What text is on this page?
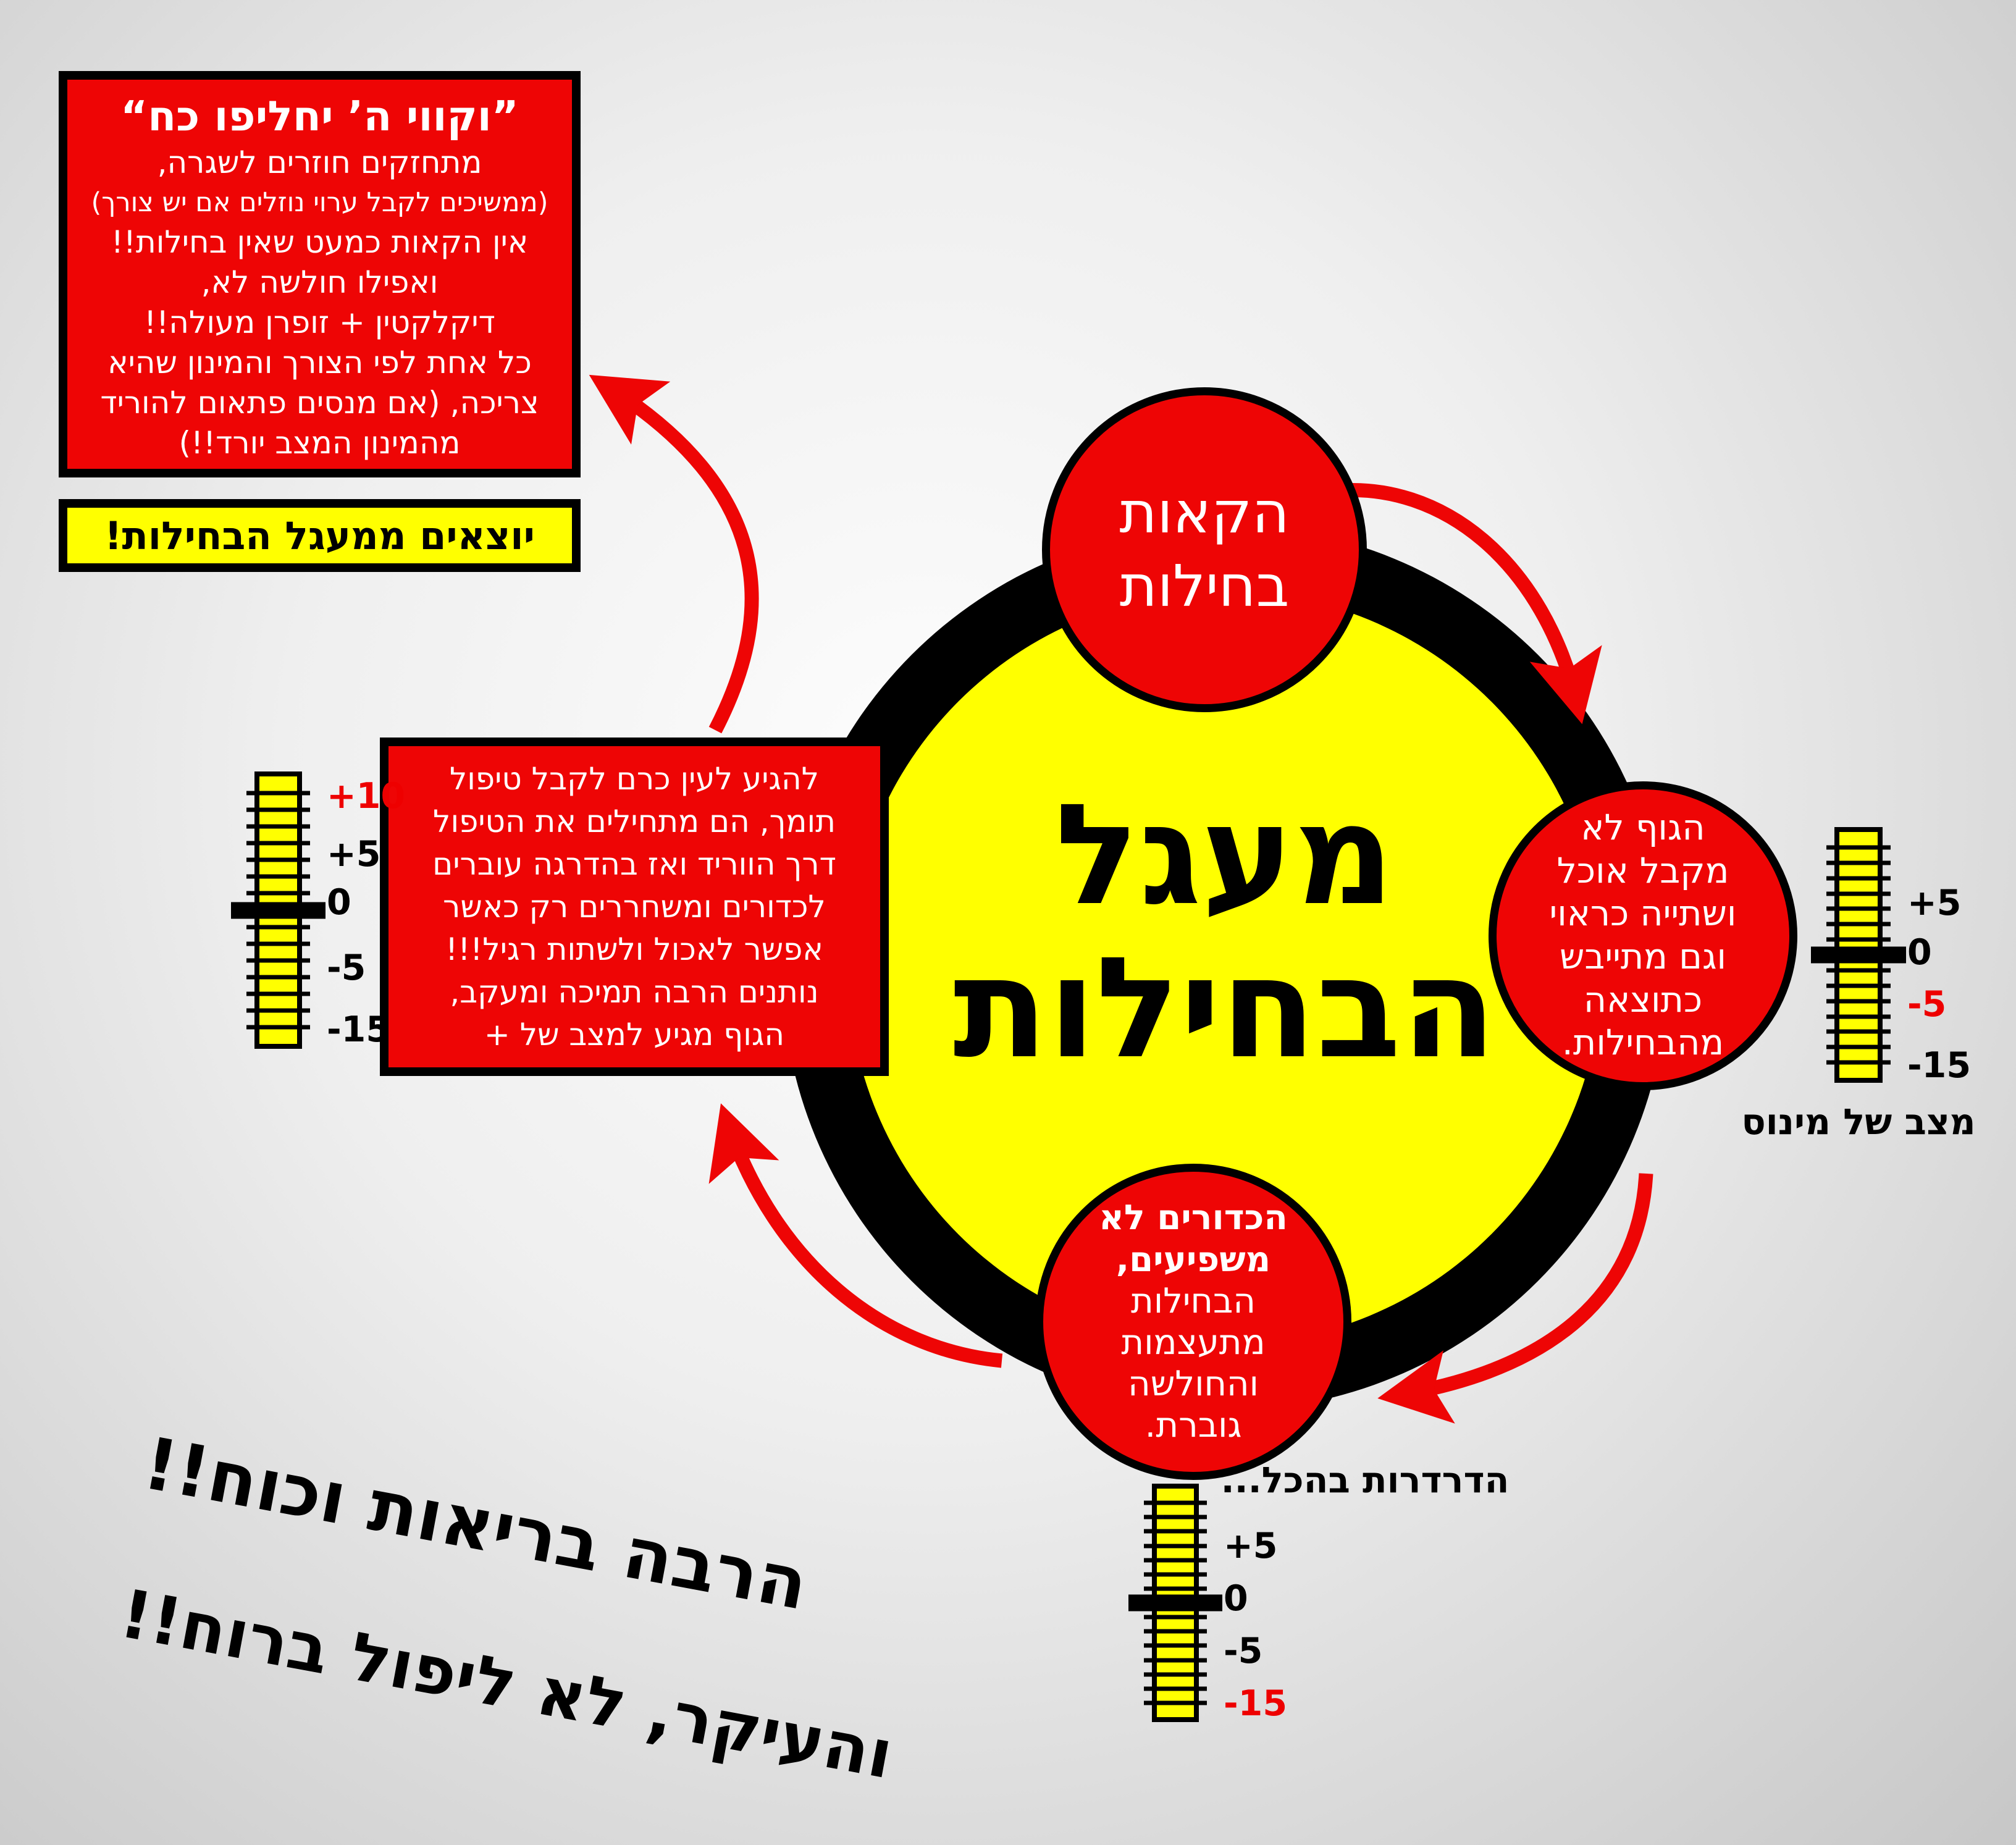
מעגל
הבחילות
הקאות
בחילות
הגוף לא
מקבל אוכל
ושתייה כראוי
וגם מתייבש
כתוצאה
מהבחילות.
הכדורים לא
משפיעים,
הבחילות
מתעצמות
והחולשה
גוברת.
”וקווי ה’ יחליפו כח“
מתחזקים חוזרים לשגרה,
(ממשיכים לקבל ערוי נוזלים אם יש צורך)
אין הקאות כמעט שאין בחילות!!
ואפילו חולשה לא,
דיקלקטין + זופרן מעולה!!
כל אחת לפי הצורך והמינון שהיא
צריכה, (אם מנסים פתאום להוריד
מהמינון המצב יורד!!)
יוצאים ממעגל הבחילות!
להגיע לעין כרם לקבל טיפול
תומך, הם מתחילים את הטיפול
דרך הווריד ואז בהדרגה עוברים
לכדורים ומשחררים רק כאשר
אפשר לאכול ולשתות רגיל!!!
נותנים הרבה תמיכה ומעקב,
הגוף מגיע למצב של +
+10
+5
0
-5
-15
+5
0
-5
-15
+5
0
-5
-15
מצב של מינוס
הדרדרות בהכל...
הרבה בריאות וכוח!!
והעיקר, לא ליפול ברוח!!
